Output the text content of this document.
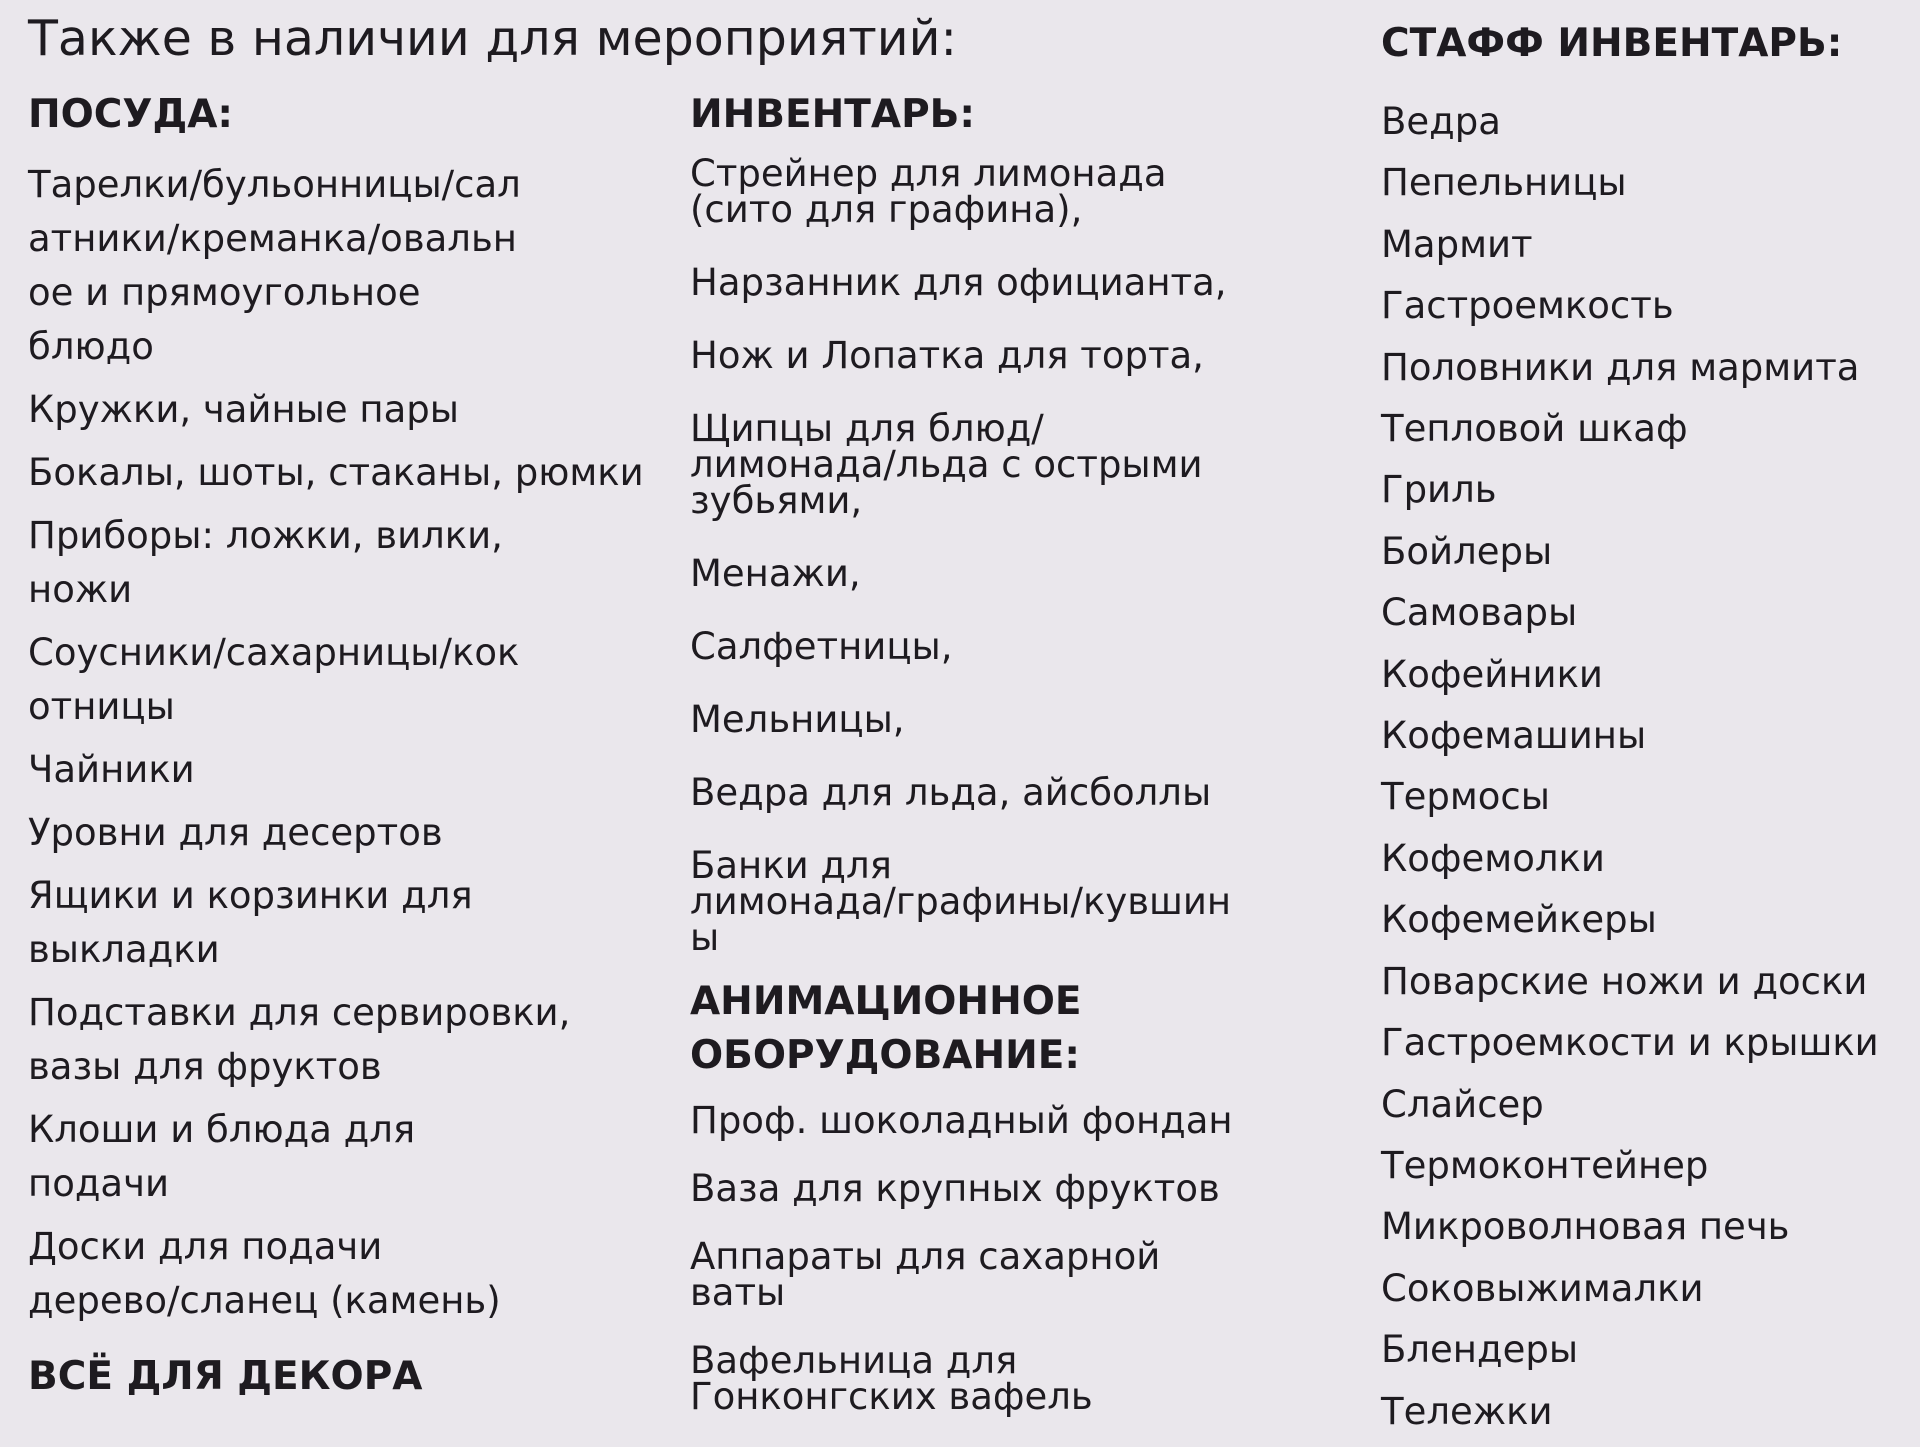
Также в наличии для мероприятий:
ПОСУДА:
Тарелки/бульонницы/сал
атники/креманка/овальн
ое и прямоугольное
блюдо
Кружки, чайные пары
Бокалы, шоты, стаканы, рюмки
Приборы: ложки, вилки,
ножи
Соусники/сахарницы/кок
отницы
Чайники
Уровни для десертов
Ящики и корзинки для
выкладки
Подставки для сервировки,
вазы для фруктов
Клоши и блюда для
подачи
Доски для подачи
дерево/сланец (камень)
ВСЁ ДЛЯ ДЕКОРА
ИНВЕНТАРЬ:
Стрейнер для лимонада
(сито для графина),
Нарзанник для официанта,
Нож и Лопатка для торта,
Щипцы для блюд/
лимонада/льда с острыми
зубьями,
Менажи,
Салфетницы,
Мельницы,
Ведра для льда, айсболлы
Банки для
лимонада/графины/кувшин
ы
АНИМАЦИОННОЕ
ОБОРУДОВАНИЕ:
Проф. шоколадный фондан
Ваза для крупных фруктов
Аппараты для сахарной
ваты
Вафельница для
Гонконгских вафель
СТАФФ ИНВЕНТАРЬ:
Ведра
Пепельницы
Мармит
Гастроемкость
Половники для мармита
Тепловой шкаф
Гриль
Бойлеры
Самовары
Кофейники
Кофемашины
Термосы
Кофемолки
Кофемейкеры
Поварские ножи и доски
Гастроемкости и крышки
Слайсер
Термоконтейнер
Микроволновая печь
Соковыжималки
Блендеры
Тележки
